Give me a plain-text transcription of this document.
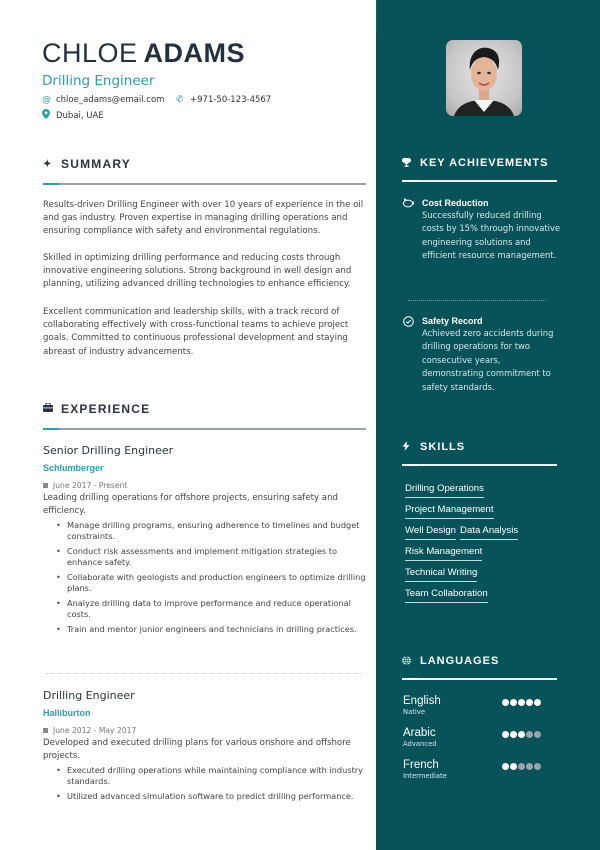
CHLOE ADAMS
Drilling Engineer
@ chloe_adams@email.com ✆ +971-50-123-4567
Dubai, UAE
✦ SUMMARY
Results-driven Drilling Engineer with over 10 years of experience in the oil and gas industry. Proven expertise in managing drilling operations and ensuring compliance with safety and environmental regulations.
Skilled in optimizing drilling performance and reducing costs through innovative engineering solutions. Strong background in well design and planning, utilizing advanced drilling technologies to enhance efficiency.
Excellent communication and leadership skills, with a track record of collaborating effectively with cross-functional teams to achieve project goals. Committed to continuous professional development and staying abreast of industry advancements.
EXPERIENCE
Senior Drilling Engineer
Schlumberger
June 2017 - Present
Leading drilling operations for offshore projects, ensuring safety and efficiency.
• Manage drilling programs, ensuring adherence to timelines and budget constraints.
• Conduct risk assessments and implement mitigation strategies to enhance safety.
• Collaborate with geologists and production engineers to optimize drilling plans.
• Analyze drilling data to improve performance and reduce operational costs.
• Train and mentor junior engineers and technicians in drilling practices.
Drilling Engineer
Halliburton
June 2012 - May 2017
Developed and executed drilling plans for various onshore and offshore projects.
• Executed drilling operations while maintaining compliance with industry standards.
• Utilized advanced simulation software to predict drilling performance.
KEY ACHIEVEMENTS
Cost Reduction
Successfully reduced drilling costs by 15% through innovative engineering solutions and efficient resource management.
Safety Record
Achieved zero accidents during drilling operations for two consecutive years, demonstrating commitment to safety standards.
SKILLS
Drilling Operations
Project Management
Well Design Data Analysis
Risk Management
Technical Writing
Team Collaboration
LANGUAGES
English
Native
Arabic
Advanced
French
Intermediate
